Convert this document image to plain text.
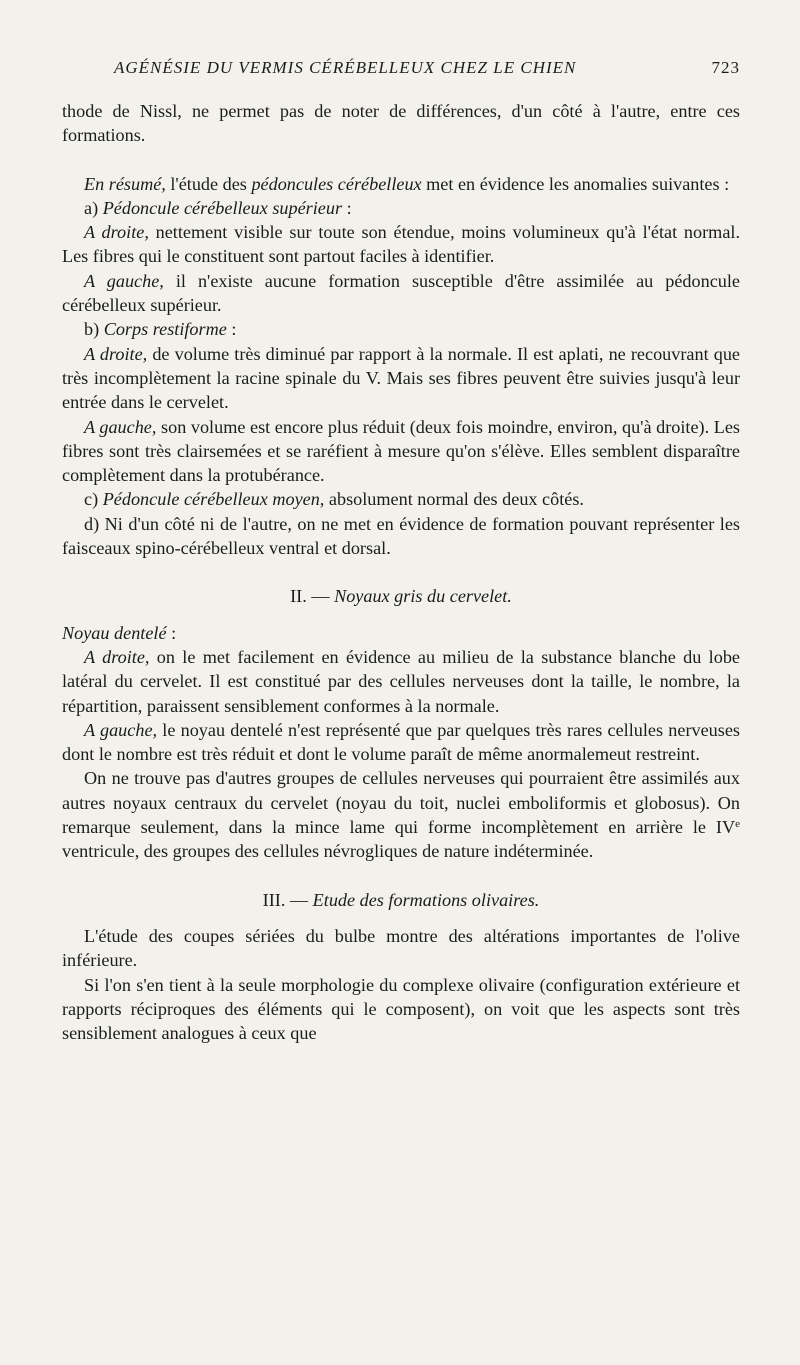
AGÉNÉSIE DU VERMIS CÉRÉBELLEUX CHEZ LE CHIEN	723

thode de Nissl, ne permet pas de noter de différences, d'un côté à l'autre, entre ces formations.

En résumé, l'étude des pédoncules cérébelleux met en évidence les anomalies suivantes :

a) Pédoncule cérébelleux supérieur :

A droite, nettement visible sur toute son étendue, moins volumineux qu'à l'état normal. Les fibres qui le constituent sont partout faciles à identifier.

A gauche, il n'existe aucune formation susceptible d'être assimilée au pédoncule cérébelleux supérieur.

b) Corps restiforme :

A droite, de volume très diminué par rapport à la normale. Il est aplati, ne recouvrant que très incomplètement la racine spinale du V. Mais ses fibres peuvent être suivies jusqu'à leur entrée dans le cervelet.

A gauche, son volume est encore plus réduit (deux fois moindre, environ, qu'à droite). Les fibres sont très clairsemées et se raréfient à mesure qu'on s'élève. Elles semblent disparaître complètement dans la protubérance.

c) Pédoncule cérébelleux moyen, absolument normal des deux côtés.

d) Ni d'un côté ni de l'autre, on ne met en évidence de formation pouvant représenter les faisceaux spino-cérébelleux ventral et dorsal.

II. — Noyaux gris du cervelet.

Noyau dentelé :

A droite, on le met facilement en évidence au milieu de la substance blanche du lobe latéral du cervelet. Il est constitué par des cellules nerveuses dont la taille, le nombre, la répartition, paraissent sensiblement conformes à la normale.

A gauche, le noyau dentelé n'est représenté que par quelques très rares cellules nerveuses dont le nombre est très réduit et dont le volume paraît de même anormalemeut restreint.

On ne trouve pas d'autres groupes de cellules nerveuses qui pourraient être assimilés aux autres noyaux centraux du cervelet (noyau du toit, nuclei emboliformis et globosus). On remarque seulement, dans la mince lame qui forme incomplètement en arrière le IVe ventricule, des groupes des cellules névrogliques de nature indéterminée.

III. — Etude des formations olivaires.

L'étude des coupes sériées du bulbe montre des altérations importantes de l'olive inférieure.

Si l'on s'en tient à la seule morphologie du complexe olivaire (configuration extérieure et rapports réciproques des éléments qui le composent), on voit que les aspects sont très sensiblement analogues à ceux que
